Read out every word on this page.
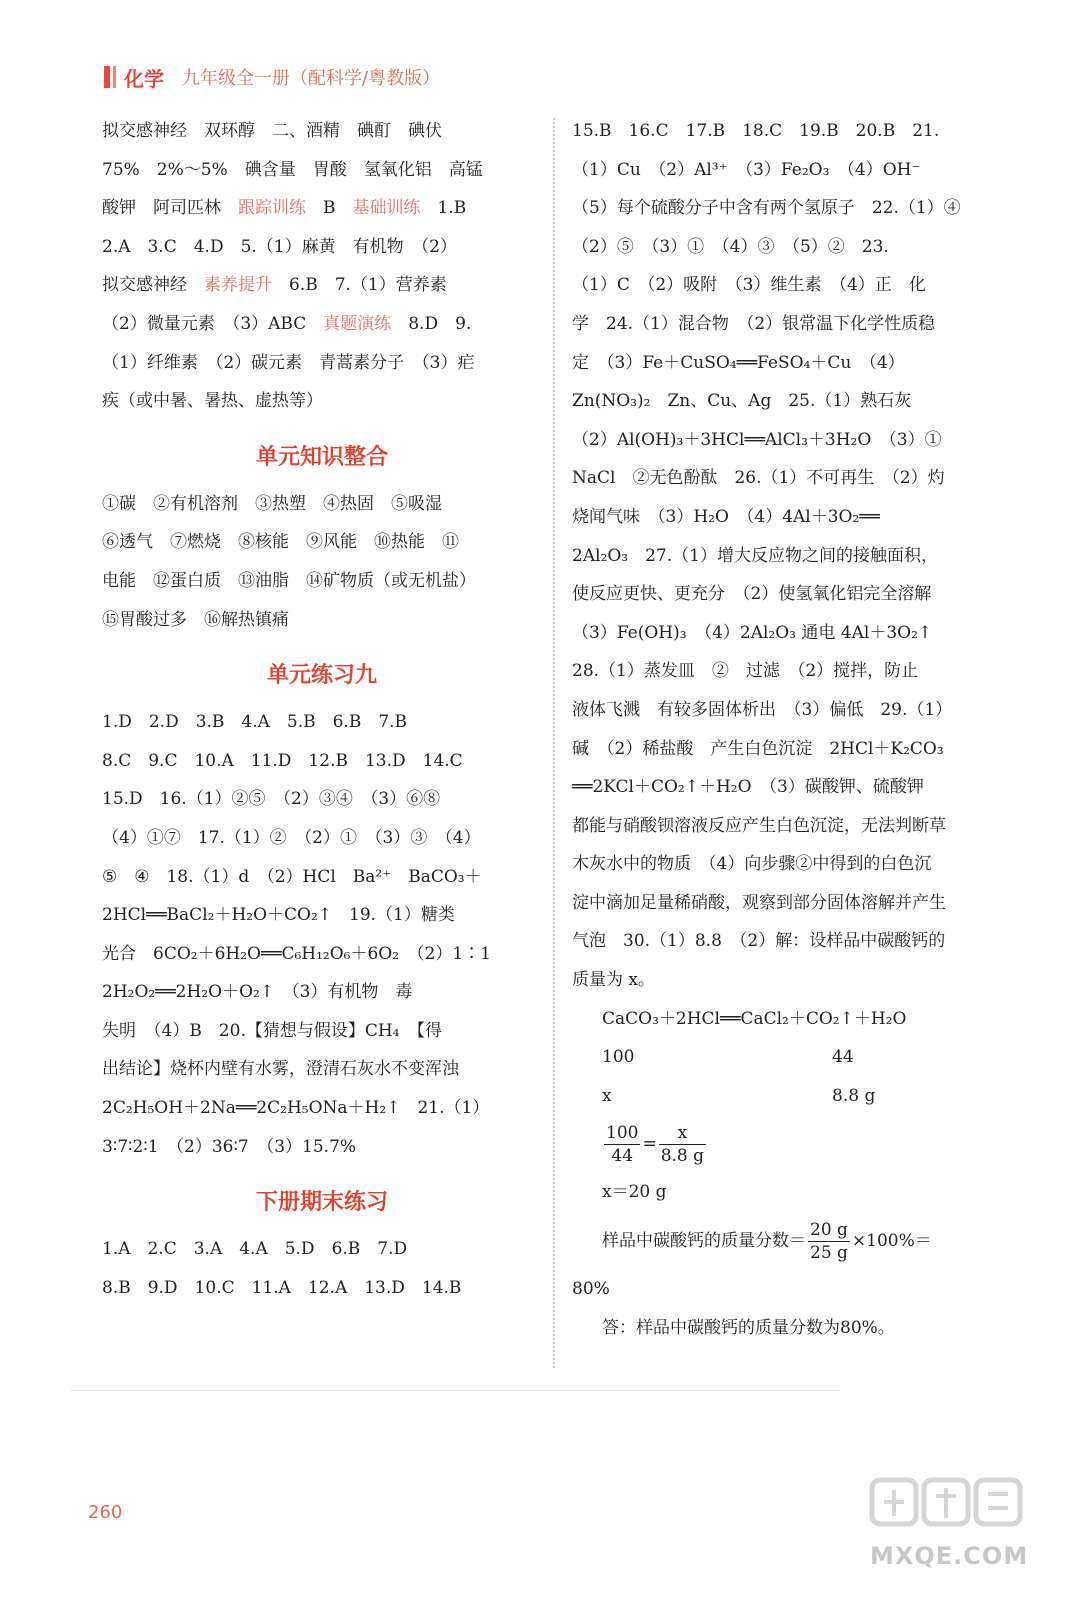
化学 九年级全一册（配科学/粤教版）
拟交感神经　双环醇　二、酒精　碘酊　碘伏
75%　2%～5%　碘含量　胃酸　氢氧化铝　高锰
酸钾　阿司匹林　跟踪训练　B　基础训练　1.B
2.A　3.C　4.D　5.（1）麻黄　有机物　（2）
拟交感神经　素养提升　6.B　7.（1）营养素
（2）微量元素　（3）ABC　真题演练　8.D　9.
（1）纤维素　（2）碳元素　青蒿素分子　（3）疟
疾（或中暑、暑热、虚热等）
单元知识整合
①碳　②有机溶剂　③热塑　④热固　⑤吸湿
⑥透气　⑦燃烧　⑧核能　⑨风能　⑩热能　⑪
电能　⑫蛋白质　⑬油脂　⑭矿物质（或无机盐）
⑮胃酸过多　⑯解热镇痛
单元练习九
1.D　2.D　3.B　4.A　5.B　6.B　7.B
8.C　9.C　10.A　11.D　12.B　13.D　14.C
15.D　16.（1）②⑤　（2）③④　（3）⑥⑧
（4）①⑦　17.（1）②　（2）①　（3）③　（4）
⑤　④　18.（1）d　（2）HCl　Ba²⁺　BaCO₃＋
2HCl══BaCl₂＋H₂O＋CO₂↑　19.（1）糖类
光合　6CO₂＋6H₂O══C₆H₁₂O₆＋6O₂　（2）1∶1
2H₂O₂══2H₂O＋O₂↑　（3）有机物　毒
失明　（4）B　20.【猜想与假设】CH₄　【得
出结论】烧杯内壁有水雾，澄清石灰水不变浑浊
2C₂H₅OH＋2Na══2C₂H₅ONa＋H₂↑　21.（1）
3∶7∶2∶1　（2）36∶7　（3）15.7%
下册期末练习
1.A　2.C　3.A　4.A　5.D　6.B　7.D
8.B　9.D　10.C　11.A　12.A　13.D　14.B
15.B　16.C　17.B　18.C　19.B　20.B　21.
（1）Cu　（2）Al³⁺　（3）Fe₂O₃　（4）OH⁻
（5）每个硫酸分子中含有两个氢原子　22.（1）④
（2）⑤　（3）①　（4）③　（5）②　23.
（1）C　（2）吸附　（3）维生素　（4）正　化
学　24.（1）混合物　（2）银常温下化学性质稳
定　（3）Fe＋CuSO₄══FeSO₄＋Cu　（4）
Zn(NO₃)₂　Zn、Cu、Ag　25.（1）熟石灰
（2）Al(OH)₃＋3HCl══AlCl₃＋3H₂O　（3）①
NaCl　②无色酚酞　26.（1）不可再生　（2）灼
烧闻气味　（3）H₂O　（4）4Al＋3O₂══
2Al₂O₃　27.（1）增大反应物之间的接触面积，
使反应更快、更充分　（2）使氢氧化铝完全溶解
（3）Fe(OH)₃　（4）2Al₂O₃ 通电 4Al＋3O₂↑
28.（1）蒸发皿　②　过滤　（2）搅拌，防止
液体飞溅　有较多固体析出　（3）偏低　29.（1）
碱　（2）稀盐酸　产生白色沉淀　2HCl＋K₂CO₃
══2KCl＋CO₂↑＋H₂O　（3）碳酸钾、硫酸钾
都能与硝酸钡溶液反应产生白色沉淀，无法判断草
木灰水中的物质　（4）向步骤②中得到的白色沉
淀中滴加足量稀硝酸，观察到部分固体溶解并产生
气泡　30.（1）8.8　（2）解：设样品中碳酸钙的
质量为 x。
CaCO₃＋2HCl══CaCl₂＋CO₂↑＋H₂O
100	44
x	8.8 g
$\frac{100}{44} = \frac{x}{8.8 g}$
x＝20 g
样品中碳酸钙的质量分数＝ $\frac{20 g}{25 g} \times 100\%=$
80%
答：样品中碳酸钙的质量分数为80%。
260
MXQE.COM
